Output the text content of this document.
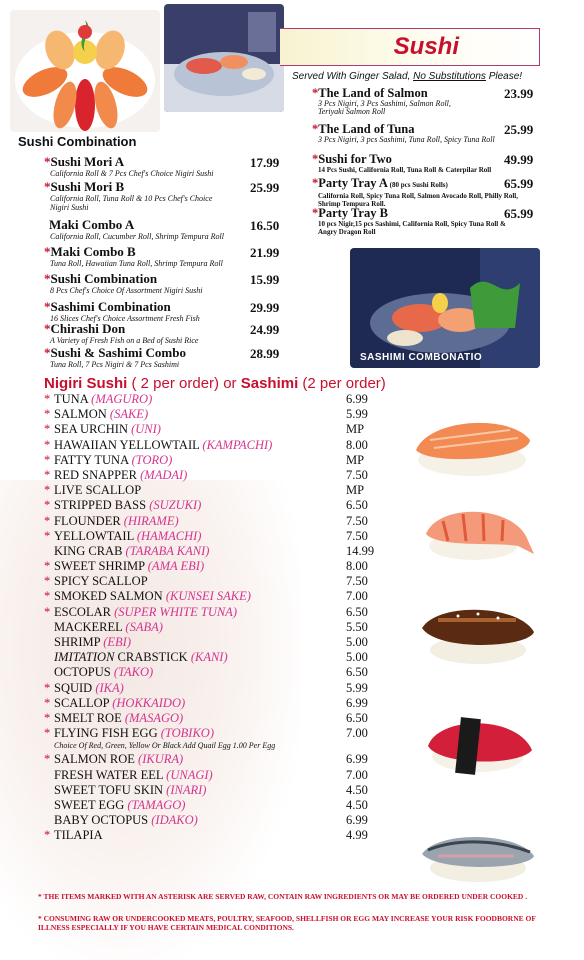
Sushi
Served With Ginger Salad, No Substitutions Please!
Sushi Combination
*Sushi Mori A	17.99
California Roll & 7 Pcs Chef's Choice Nigiri Sushi
*Sushi Mori B	25.99
California Roll, Tuna Roll & 10 Pcs Chef's Choice
Nigiri Sushi
Maki Combo A	16.50
California Roll, Cucumber Roll, Shrimp Tempura Roll
*Maki Combo B	21.99
Tuna Roll, Hawaiian Tuna Roll, Shrimp Tempura Roll
*Sushi Combination	15.99
8 Pcs Chef's Choice Of Assortment Nigiri Sushi
*Sashimi Combination	29.99
16 Slices Chef's Choice Assortment Fresh Fish
*Chirashi Don	24.99
A Variety of Fresh Fish on a Bed of Sushi Rice
*Sushi & Sashimi Combo	28.99
Tuna Roll, 7 Pcs Nigiri & 7 Pcs Sashimi
*The Land of Salmon	23.99
3 Pcs Nigiri, 3 Pcs Sashimi, Salmon Roll,
Teriyaki Salmon Roll
*The Land of Tuna	25.99
3 Pcs Nigiri, 3 pcs Sashimi, Tuna Roll, Spicy Tuna Roll
*Sushi for Two	49.99
14 Pcs Sushi, California Roll, Tuna Roll & Caterpilar Roll
*Party Tray A (80 pcs Sushi Rolls)	65.99
California Roll, Spicy Tuna Roll, Salmon Avocado Roll, Philly Roll,
Shrimp Tempura Roll.
*Party Tray B	65.99
10 pcs Nigir,15 pcs Sashimi, California Roll, Spicy Tuna Roll &
Angry Dragon Roll
SASHIMI COMBONATIO
Nigiri Sushi ( 2 per order) or Sashimi (2 per order)
* TUNA (MAGURO)	6.99
* SALMON (SAKE)	5.99
* SEA URCHIN (UNI)	MP
* HAWAIIAN YELLOWTAIL (KAMPACHI)	8.00
* FATTY TUNA (TORO)	MP
* RED SNAPPER (MADAI)	7.50
* LIVE SCALLOP	MP
* STRIPPED BASS (SUZUKI)	6.50
* FLOUNDER (HIRAME)	7.50
* YELLOWTAIL (HAMACHI)	7.50
KING CRAB (TARABA KANI)	14.99
* SWEET SHRIMP (AMA EBI)	8.00
* SPICY SCALLOP	7.50
* SMOKED SALMON (KUNSEI SAKE)	7.00
* ESCOLAR (SUPER WHITE TUNA)	6.50
MACKEREL (SABA)	5.50
SHRIMP (EBI)	5.00
IMITATION CRABSTICK (KANI)	5.00
OCTOPUS (TAKO)	6.50
* SQUID (IKA)	5.99
* SCALLOP (HOKKAIDO)	6.99
* SMELT ROE (MASAGO)	6.50
* FLYING FISH EGG (TOBIKO)	7.00
Choice Of Red, Green, Yellow Or Black Add Quail Egg 1.00 Per Egg
* SALMON ROE (IKURA)	6.99
FRESH WATER EEL (UNAGI)	7.00
SWEET TOFU SKIN (INARI)	4.50
SWEET EGG (TAMAGO)	4.50
BABY OCTOPUS (IDAKO)	6.99
* TILAPIA	4.99
* THE ITEMS MARKED WITH AN ASTERISK ARE SERVED RAW, CONTAIN RAW INGREDIENTS OR MAY BE ORDERED UNDER COOKED .
* CONSUMING RAW OR UNDERCOOKED MEATS, POULTRY, SEAFOOD, SHELLFISH OR EGG MAY INCREASE YOUR RISK FOODBORNE OF ILLNESS ESPECIALLY IF YOU HAVE CERTAIN MEDICAL CONDITIONS.
